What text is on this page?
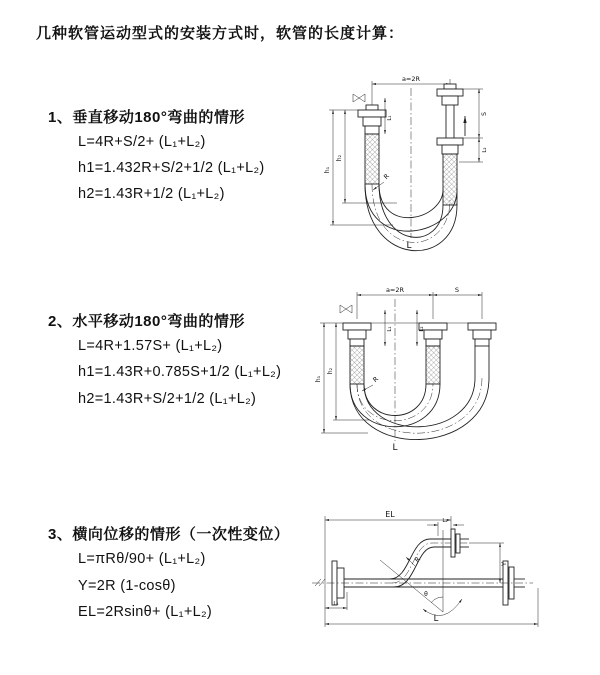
几种软管运动型式的安装方式时，软管的长度计算：
1、垂直移动180°弯曲的情形
L=4R+S/2+ (L₁+L₂)
h1=1.432R+S/2+1/2 (L₁+L₂)
h2=1.43R+1/2 (L₁+L₂)
2、水平移动180°弯曲的情形
L=4R+1.57S+ (L₁+L₂)
h1=1.43R+0.785S+1/2 (L₁+L₂)
h2=1.43R+S/2+1/2 (L₁+L₂)
3、横向位移的情形（一次性变位）
L=πRθ/90+ (L₁+L₂)
Y=2R (1-cosθ)
EL=2Rsinθ+ (L₁+L₂)
a=2R
L₁
S
L₂
h₁
h₂
R
L
a=2R	S
L₁	L₂
h₁
h₂
R
L
EL
L₂
θ
R	Y
L₁
L
